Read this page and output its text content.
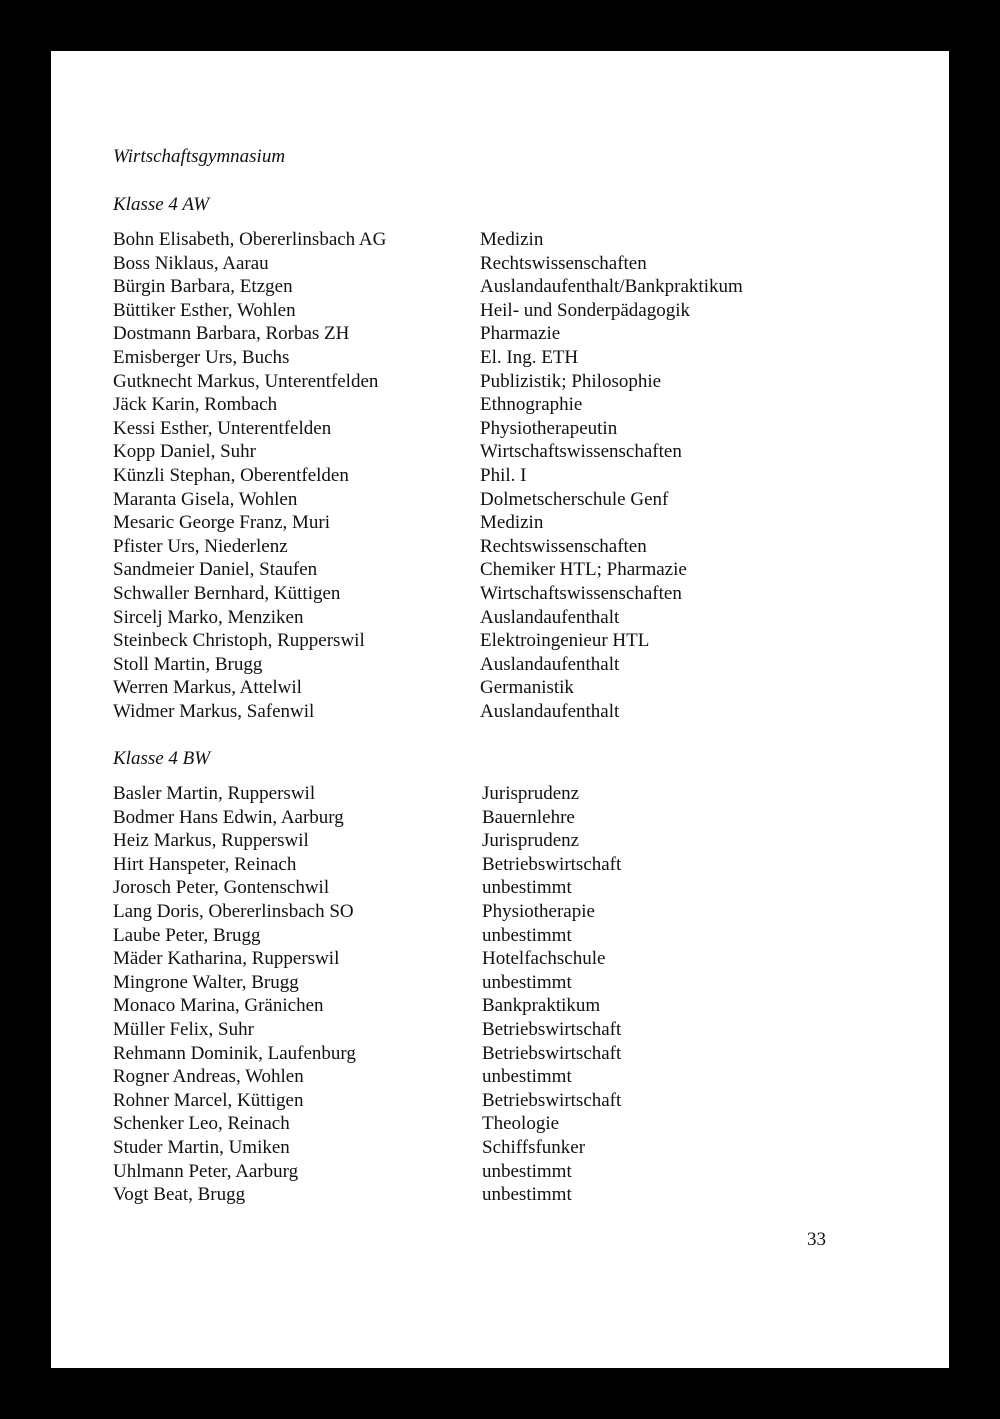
Wirtschaftsgymnasium
Klasse 4 AW
Bohn Elisabeth, Obererlinsbach AG	Medizin
Boss Niklaus, Aarau	Rechtswissenschaften
Bürgin Barbara, Etzgen	Auslandaufenthalt/Bankpraktikum
Büttiker Esther, Wohlen	Heil- und Sonderpädagogik
Dostmann Barbara, Rorbas ZH	Pharmazie
Emisberger Urs, Buchs	El. Ing. ETH
Gutknecht Markus, Unterentfelden	Publizistik; Philosophie
Jäck Karin, Rombach	Ethnographie
Kessi Esther, Unterentfelden	Physiotherapeutin
Kopp Daniel, Suhr	Wirtschaftswissenschaften
Künzli Stephan, Oberentfelden	Phil. I
Maranta Gisela, Wohlen	Dolmetscherschule Genf
Mesaric George Franz, Muri	Medizin
Pfister Urs, Niederlenz	Rechtswissenschaften
Sandmeier Daniel, Staufen	Chemiker HTL; Pharmazie
Schwaller Bernhard, Küttigen	Wirtschaftswissenschaften
Sircelj Marko, Menziken	Auslandaufenthalt
Steinbeck Christoph, Rupperswil	Elektroingenieur HTL
Stoll Martin, Brugg	Auslandaufenthalt
Werren Markus, Attelwil	Germanistik
Widmer Markus, Safenwil	Auslandaufenthalt
Klasse 4 BW
Basler Martin, Rupperswil	Jurisprudenz
Bodmer Hans Edwin, Aarburg	Bauernlehre
Heiz Markus, Rupperswil	Jurisprudenz
Hirt Hanspeter, Reinach	Betriebswirtschaft
Jorosch Peter, Gontenschwil	unbestimmt
Lang Doris, Obererlinsbach SO	Physiotherapie
Laube Peter, Brugg	unbestimmt
Mäder Katharina, Rupperswil	Hotelfachschule
Mingrone Walter, Brugg	unbestimmt
Monaco Marina, Gränichen	Bankpraktikum
Müller Felix, Suhr	Betriebswirtschaft
Rehmann Dominik, Laufenburg	Betriebswirtschaft
Rogner Andreas, Wohlen	unbestimmt
Rohner Marcel, Küttigen	Betriebswirtschaft
Schenker Leo, Reinach	Theologie
Studer Martin, Umiken	Schiffsfunker
Uhlmann Peter, Aarburg	unbestimmt
Vogt Beat, Brugg	unbestimmt
33
